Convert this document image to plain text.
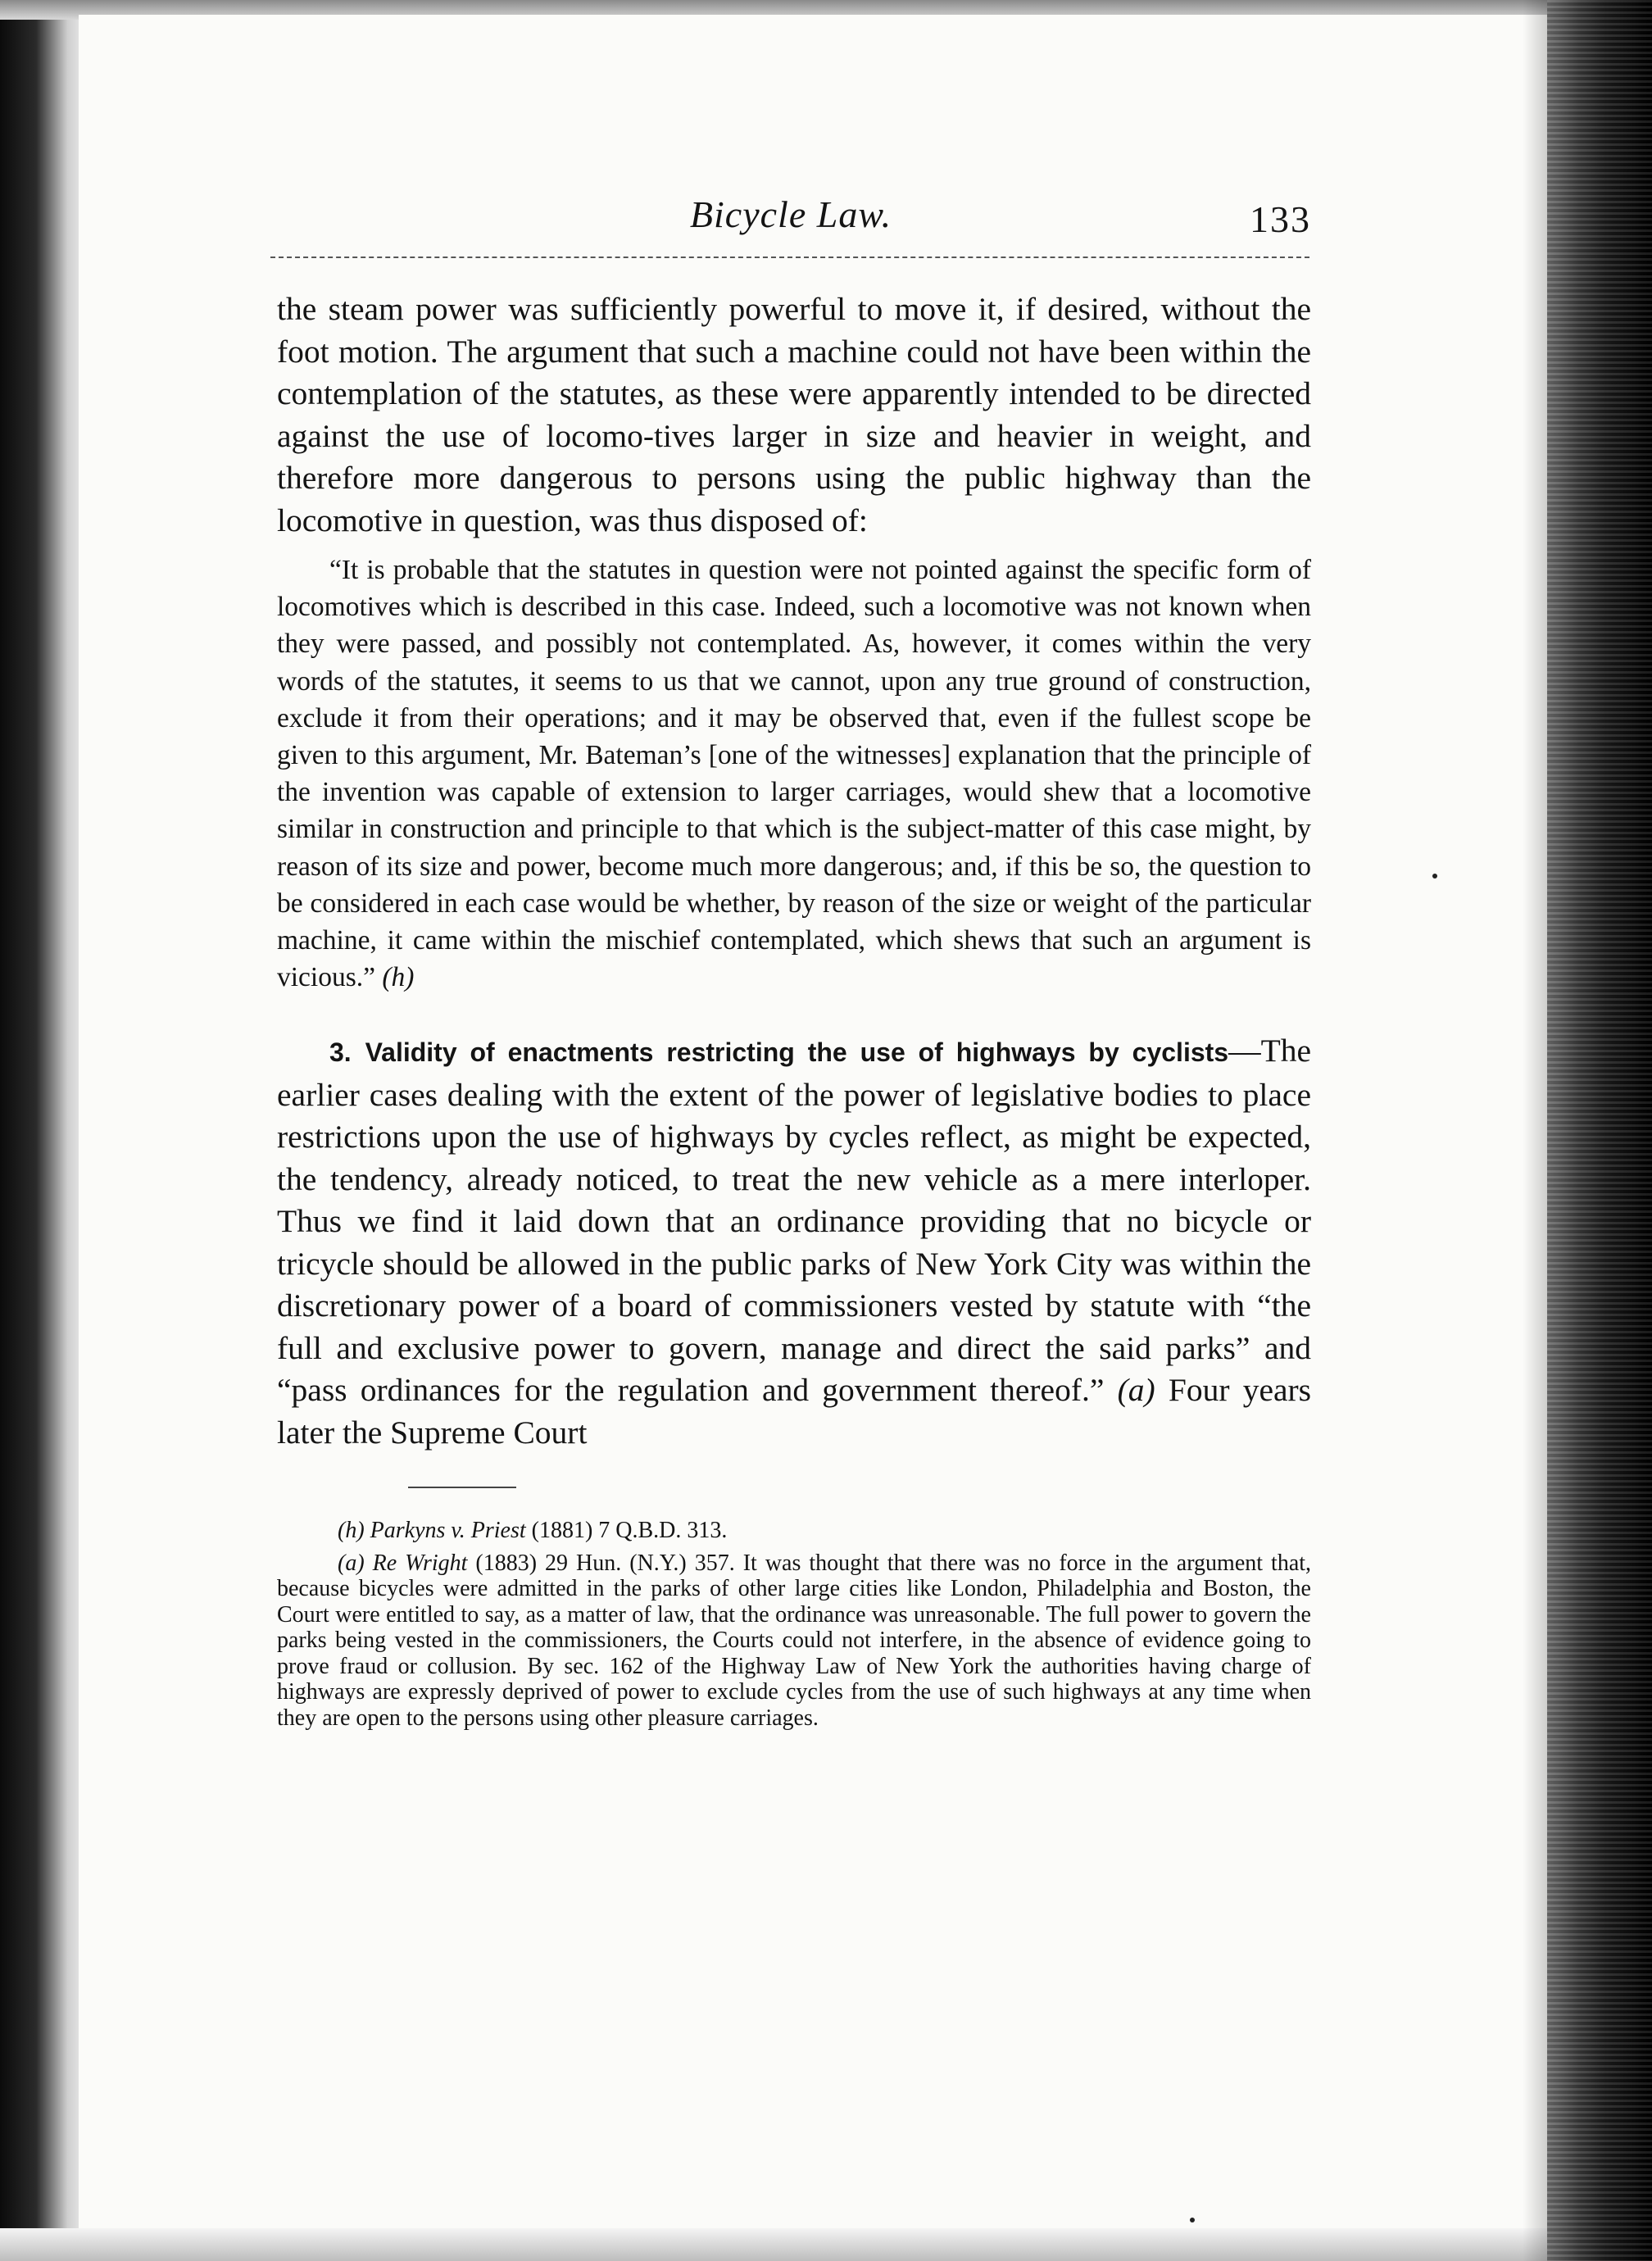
Bicycle Law.	133

the steam power was sufficiently powerful to move it, if desired, without the foot motion. The argument that such a machine could not have been within the contemplation of the statutes, as these were apparently intended to be directed against the use of locomo-tives larger in size and heavier in weight, and therefore more dangerous to persons using the public highway than the locomotive in question, was thus disposed of:

“It is probable that the statutes in question were not pointed against the specific form of locomotives which is described in this case. Indeed, such a locomotive was not known when they were passed, and possibly not contemplated. As, however, it comes within the very words of the statutes, it seems to us that we cannot, upon any true ground of construction, exclude it from their operations; and it may be observed that, even if the fullest scope be given to this argument, Mr. Bateman’s [one of the witnesses] explanation that the principle of the invention was capable of extension to larger carriages, would shew that a locomotive similar in construction and principle to that which is the subject-matter of this case might, by reason of its size and power, become much more dangerous; and, if this be so, the question to be considered in each case would be whether, by reason of the size or weight of the particular machine, it came within the mischief contemplated, which shews that such an argument is vicious.” (h)

3. Validity of enactments restricting the use of highways by cyclists—The earlier cases dealing with the extent of the power of legislative bodies to place restrictions upon the use of highways by cycles reflect, as might be expected, the tendency, already noticed, to treat the new vehicle as a mere interloper. Thus we find it laid down that an ordinance providing that no bicycle or tricycle should be allowed in the public parks of New York City was within the discretionary power of a board of commissioners vested by statute with “the full and exclusive power to govern, manage and direct the said parks” and “pass ordinances for the regulation and government thereof.” (a) Four years later the Supreme Court

(h) Parkyns v. Priest (1881) 7 Q.B.D. 313.

(a) Re Wright (1883) 29 Hun. (N.Y.) 357. It was thought that there was no force in the argument that, because bicycles were admitted in the parks of other large cities like London, Philadelphia and Boston, the Court were entitled to say, as a matter of law, that the ordinance was unreasonable. The full power to govern the parks being vested in the commissioners, the Courts could not interfere, in the absence of evidence going to prove fraud or collusion. By sec. 162 of the Highway Law of New York the authorities having charge of highways are expressly deprived of power to exclude cycles from the use of such highways at any time when they are open to the persons using other pleasure carriages.
